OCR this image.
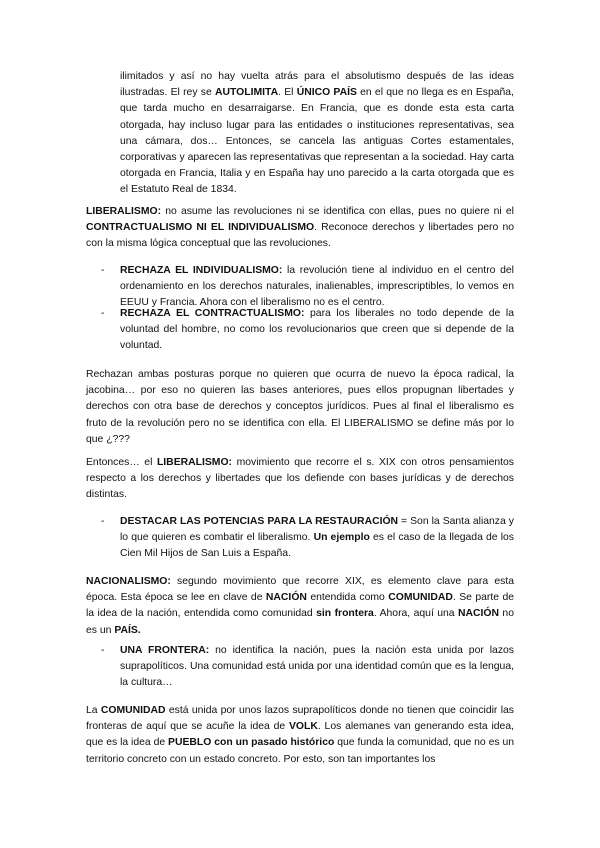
ilimitados y así no hay vuelta atrás para el absolutismo después de las ideas ilustradas. El rey se AUTOLIMITA. El ÚNICO PAÍS en el que no llega es en España, que tarda mucho en desarraigarse. En Francia, que es donde esta esta carta otorgada, hay incluso lugar para las entidades o instituciones representativas, sea una cámara, dos… Entonces, se cancela las antiguas Cortes estamentales, corporativas y aparecen las representativas que representan a la sociedad. Hay carta otorgada en Francia, Italia y en España hay uno parecido a la carta otorgada que es el Estatuto Real de 1834.

LIBERALISMO: no asume las revoluciones ni se identifica con ellas, pues no quiere ni el CONTRACTUALISMO NI EL INDIVIDUALISMO. Reconoce derechos y libertades pero no con la misma lógica conceptual que las revoluciones.

- RECHAZA EL INDIVIDUALISMO: la revolución tiene al individuo en el centro del ordenamiento en los derechos naturales, inalienables, imprescriptibles, lo vemos en EEUU y Francia. Ahora con el liberalismo no es el centro.

- RECHAZA EL CONTRACTUALISMO: para los liberales no todo depende de la voluntad del hombre, no como los revolucionarios que creen que si depende de la voluntad.

Rechazan ambas posturas porque no quieren que ocurra de nuevo la época radical, la jacobina… por eso no quieren las bases anteriores, pues ellos propugnan libertades y derechos con otra base de derechos y conceptos jurídicos. Pues al final el liberalismo es fruto de la revolución pero no se identifica con ella. El LIBERALISMO se define más por lo que ¿???

Entonces… el LIBERALISMO: movimiento que recorre el s. XIX con otros pensamientos respecto a los derechos y libertades que los defiende con bases jurídicas y de derechos distintas.

- DESTACAR LAS POTENCIAS PARA LA RESTAURACIÓN = Son la Santa alianza y lo que quieren es combatir el liberalismo. Un ejemplo es el caso de la llegada de los Cien Mil Hijos de San Luis a España.

NACIONALISMO: segundo movimiento que recorre XIX, es elemento clave para esta época. Esta época se lee en clave de NACIÓN entendida como COMUNIDAD. Se parte de la idea de la nación, entendida como comunidad sin frontera. Ahora, aquí una NACIÓN no es un PAÍS.

- UNA FRONTERA: no identifica la nación, pues la nación esta unida por lazos suprapolíticos. Una comunidad está unida por una identidad común que es la lengua, la cultura…

La COMUNIDAD está unida por unos lazos suprapolíticos donde no tienen que coincidir las fronteras de aquí que se acuñe la idea de VOLK. Los alemanes van generando esta idea, que es la idea de PUEBLO con un pasado histórico que funda la comunidad, que no es un territorio concreto con un estado concreto. Por esto, son tan importantes los
